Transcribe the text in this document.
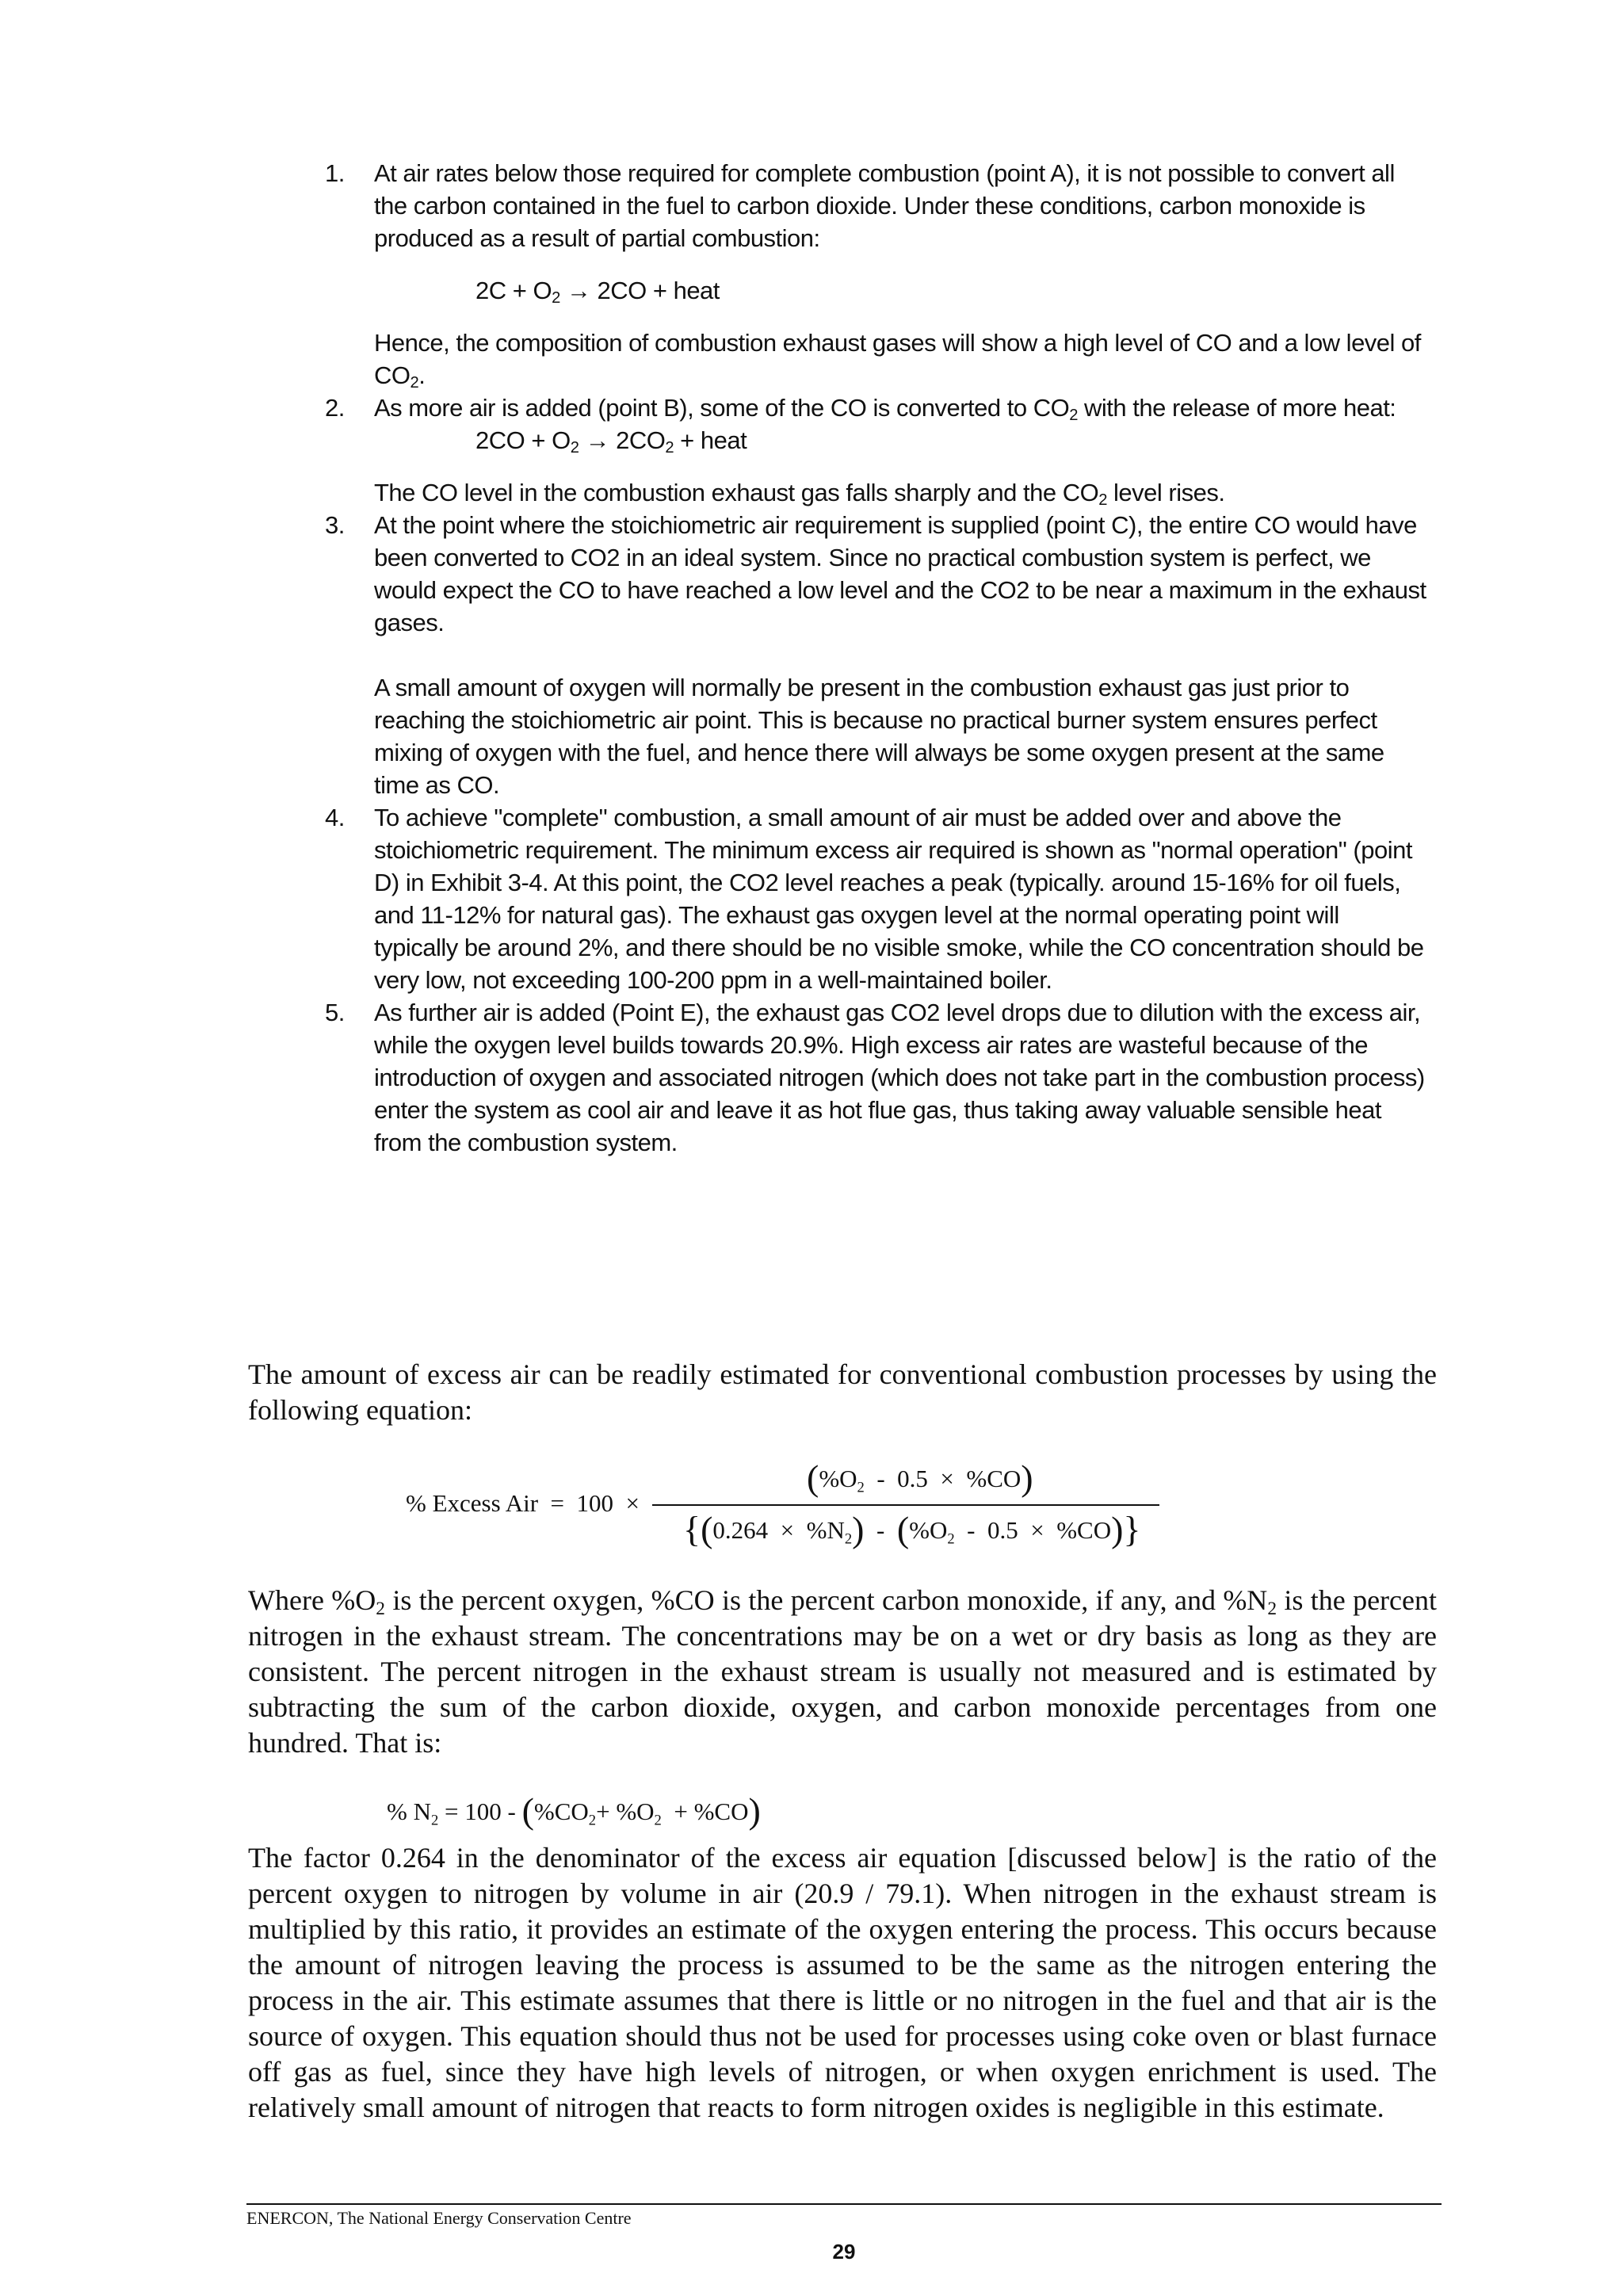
1. At air rates below those required for complete combustion (point A), it is not possible to convert all the carbon contained in the fuel to carbon dioxide. Under these conditions, carbon monoxide is produced as a result of partial combustion:

$2C + O_2 \to 2CO$ + heat

Hence, the composition of combustion exhaust gases will show a high level of CO and a low level of $CO_2$.

2. As more air is added (point B), some of the CO is converted to $CO_2$ with the release of more heat:

$2CO + O_2 \to 2CO_2$ + heat

The CO level in the combustion exhaust gas falls sharply and the $CO_2$ level rises.

3. At the point where the stoichiometric air requirement is supplied (point C), the entire CO would have been converted to CO2 in an ideal system. Since no practical combustion system is perfect, we would expect the CO to have reached a low level and the CO2 to be near a maximum in the exhaust gases.

A small amount of oxygen will normally be present in the combustion exhaust gas just prior to reaching the stoichiometric air point. This is because no practical burner system ensures perfect mixing of oxygen with the fuel, and hence there will always be some oxygen present at the same time as CO.

4. To achieve "complete" combustion, a small amount of air must be added over and above the stoichiometric requirement. The minimum excess air required is shown as "normal operation" (point D) in Exhibit 3-4. At this point, the CO2 level reaches a peak (typically. around 15-16% for oil fuels, and 11-12% for natural gas). The exhaust gas oxygen level at the normal operating point will typically be around 2%, and there should be no visible smoke, while the CO concentration should be very low, not exceeding 100-200 ppm in a well-maintained boiler.

5. As further air is added (Point E), the exhaust gas CO2 level drops due to dilution with the excess air, while the oxygen level builds towards 20.9%. High excess air rates are wasteful because of the introduction of oxygen and associated nitrogen (which does not take part in the combustion process) enter the system as cool air and leave it as hot flue gas, thus taking away valuable sensible heat from the combustion system.

The amount of excess air can be readily estimated for conventional combustion processes by using the following equation:

% Excess Air = 100 ×
$(\%O_2 - 0.5 \times \%CO)$
$\{(0.264 \times \%N_2) - (\%O_2 - 0.5 \times \%CO)\}$

Where $\%O_2$ is the percent oxygen, %CO is the percent carbon monoxide, if any, and $\%N_2$ is the percent nitrogen in the exhaust stream. The concentrations may be on a wet or dry basis as long as they are consistent. The percent nitrogen in the exhaust stream is usually not measured and is estimated by subtracting the sum of the carbon dioxide, oxygen, and carbon monoxide percentages from one hundred. That is:

% $N_2 = 100 - (\%CO_2+ \%O_2 + \%CO)$

The factor 0.264 in the denominator of the excess air equation [discussed below] is the ratio of the percent oxygen to nitrogen by volume in air (20.9 / 79.1). When nitrogen in the exhaust stream is multiplied by this ratio, it provides an estimate of the oxygen entering the process. This occurs because the amount of nitrogen leaving the process is assumed to be the same as the nitrogen entering the process in the air. This estimate assumes that there is little or no nitrogen in the fuel and that air is the source of oxygen. This equation should thus not be used for processes using coke oven or blast furnace off gas as fuel, since they have high levels of nitrogen, or when oxygen enrichment is used. The relatively small amount of nitrogen that reacts to form nitrogen oxides is negligible in this estimate.

ENERCON, The National Energy Conservation Centre
29
